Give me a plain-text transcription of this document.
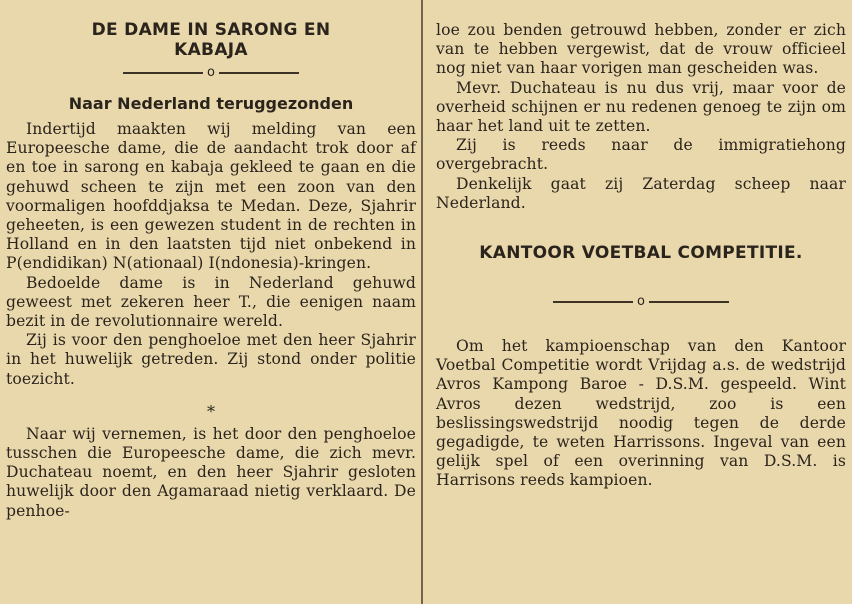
DE DAME IN SARONG EN
KABAJA
o
Naar Nederland teruggezonden

Indertijd maakten wij melding van een Europeesche dame, die de aandacht trok door af en toe in sarong en kabaja gekleed te gaan en die gehuwd scheen te zijn met een zoon van den voormaligen hoofddjaksa te Medan. Deze, Sjahrir geheeten, is een gewezen student in de rechten in Holland en in den laatsten tijd niet onbekend in P(endidikan) N(ationaal) I(ndonesia)-kringen.

Bedoelde dame is in Nederland gehuwd geweest met zekeren heer T., die eenigen naam bezit in de revolutionnaire wereld.

Zij is voor den penghoeloe met den heer Sjahrir in het huwelijk getreden. Zij stond onder politie toezicht.

*

Naar wij vernemen, is het door den penghoeloe tusschen die Europeesche dame, die zich mevr. Duchateau noemt, en den heer Sjahrir gesloten huwelijk door den Agamaraad nietig verklaard. De penhoe-

loe zou benden getrouwd hebben, zonder er zich van te hebben vergewist, dat de vrouw officieel nog niet van haar vorigen man gescheiden was.

Mevr. Duchateau is nu dus vrij, maar voor de overheid schijnen er nu redenen genoeg te zijn om haar het land uit te zetten.

Zij is reeds naar de immigratiehong overgebracht.

Denkelijk gaat zij Zaterdag scheep naar Nederland.

KANTOOR VOETBAL COMPETITIE.
o

Om het kampioenschap van den Kantoor Voetbal Competitie wordt Vrijdag a.s. de wedstrijd Avros Kampong Baroe - D.S.M. gespeeld. Wint Avros dezen wedstrijd, zoo is een beslissingswedstrijd noodig tegen de derde gegadigde, te weten Harrissons. Ingeval van een gelijk spel of een overinning van D.S.M. is Harrisons reeds kampioen.
